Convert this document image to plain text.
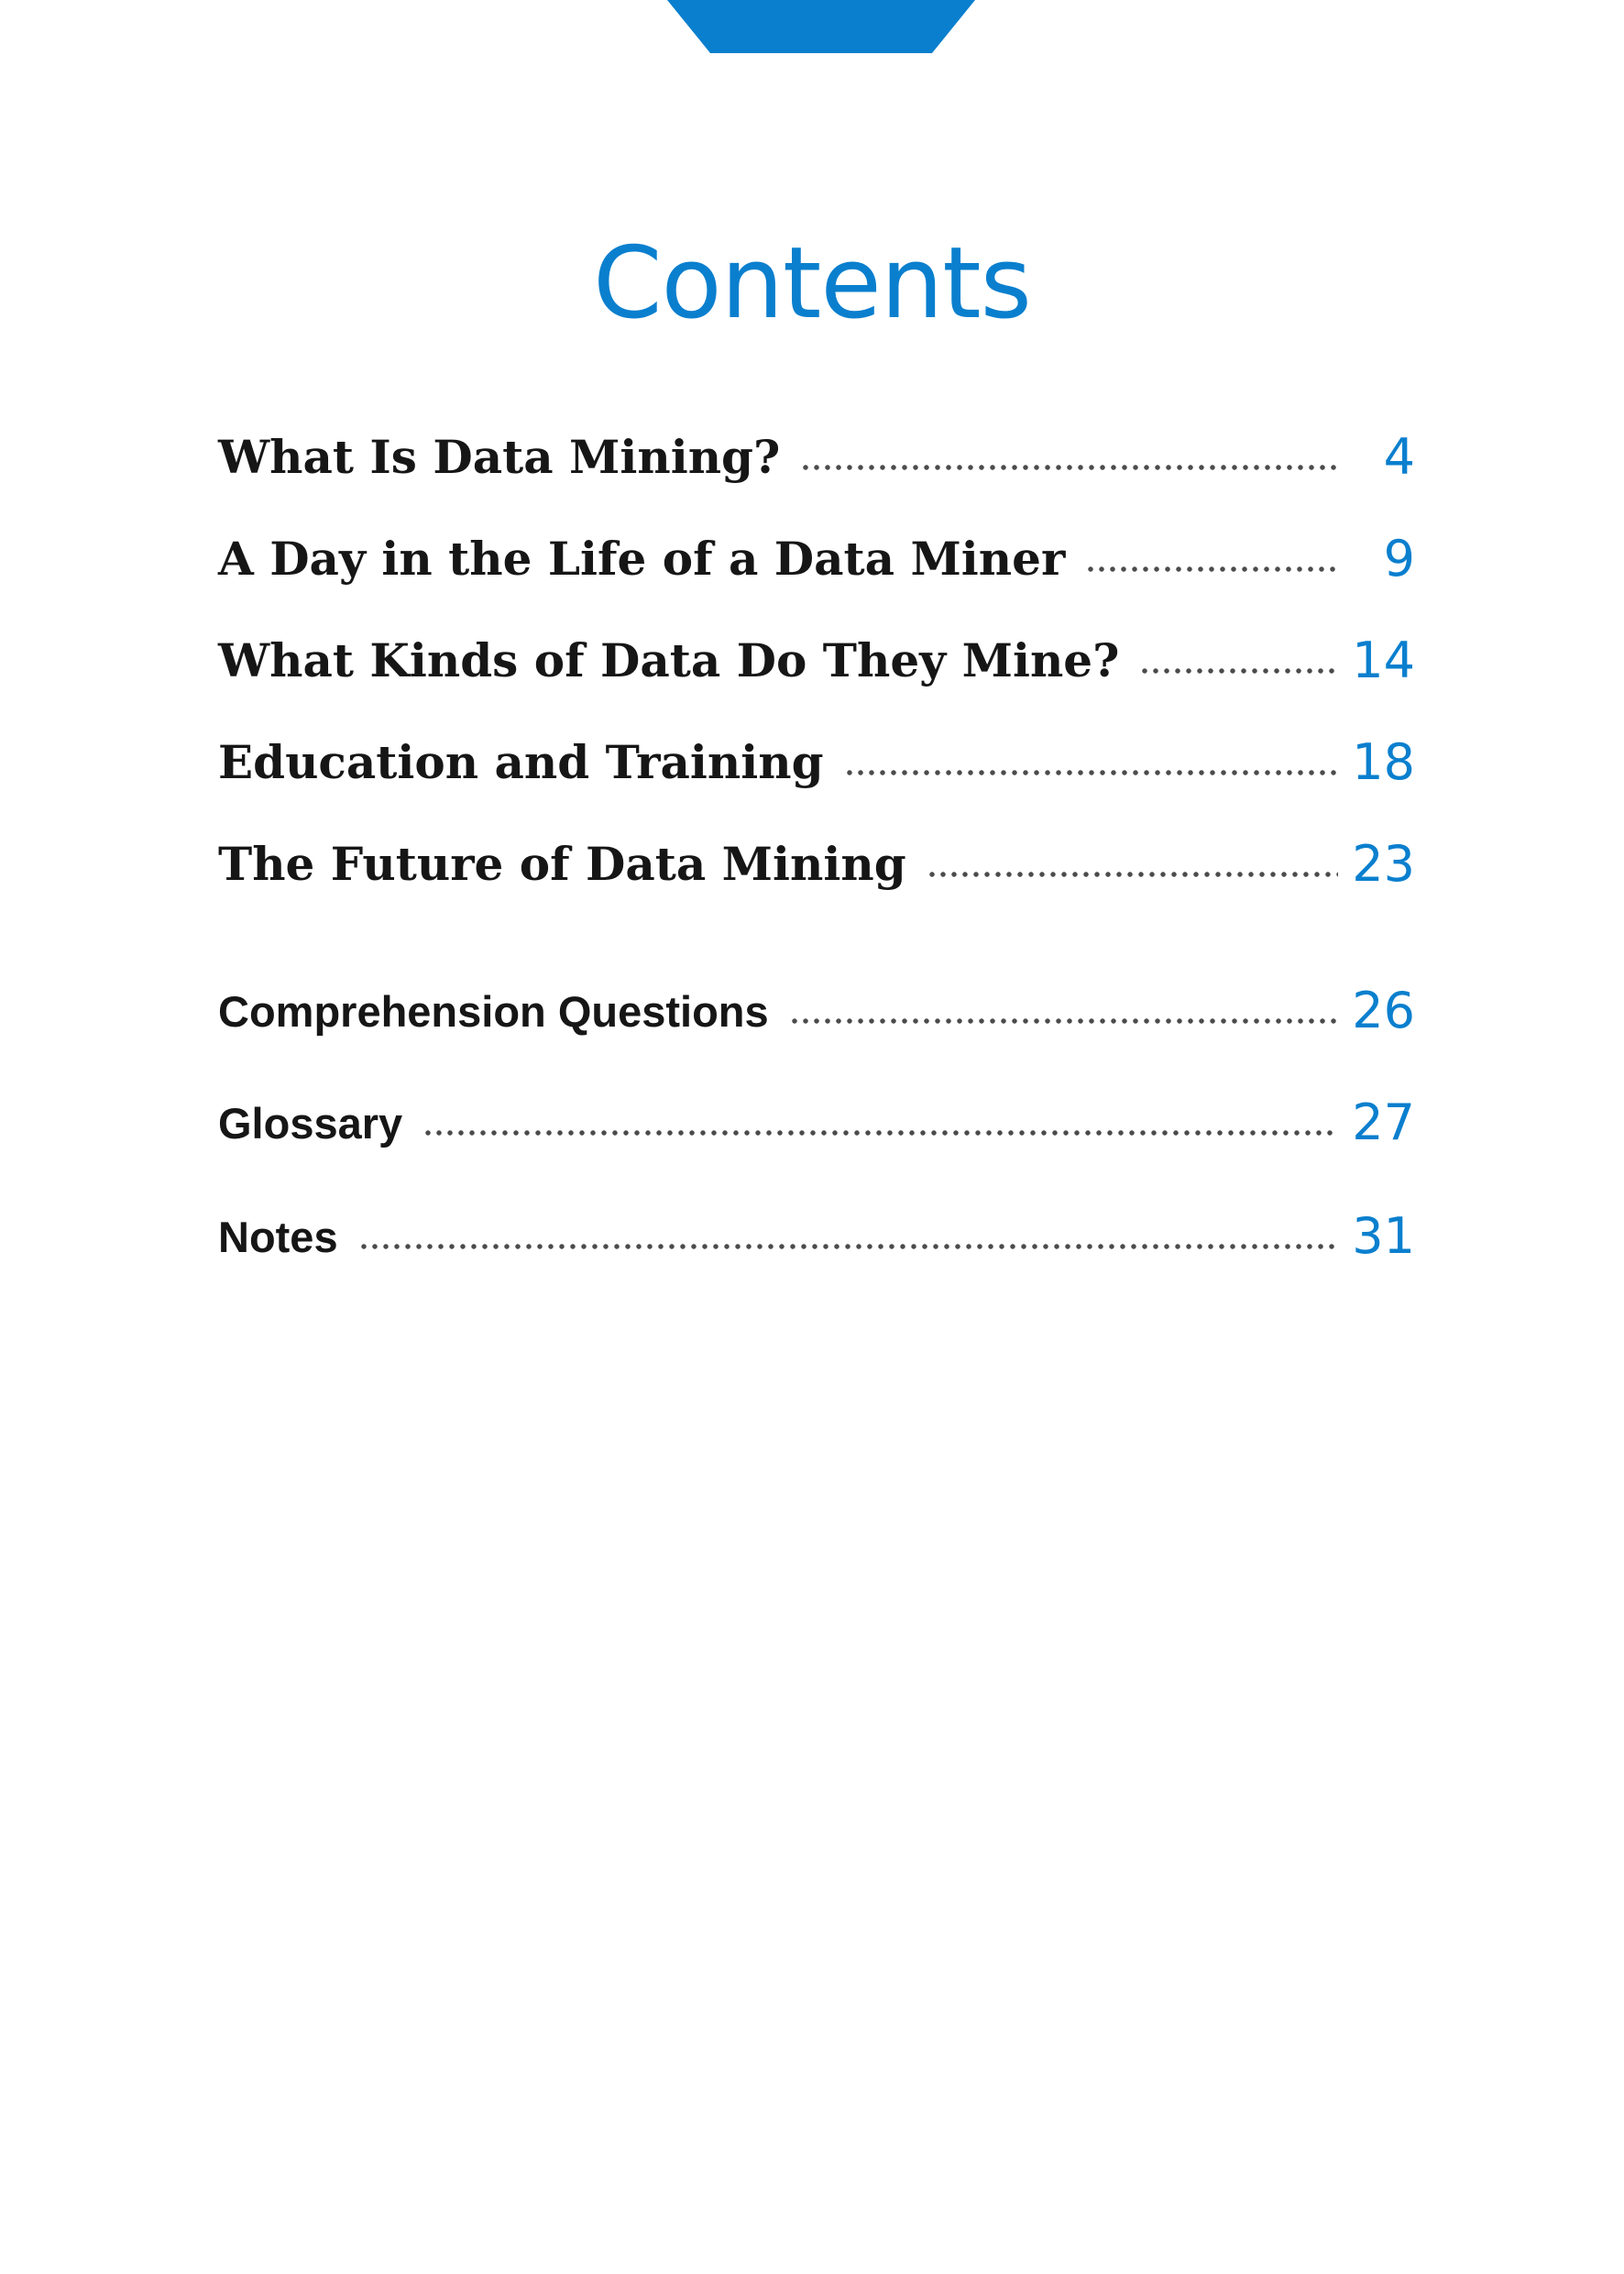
Contents
What Is Data Mining?	4
A Day in the Life of a Data Miner	9
What Kinds of Data Do They Mine?	14
Education and Training	18
The Future of Data Mining	23
Comprehension Questions	26
Glossary	27
Notes	31
